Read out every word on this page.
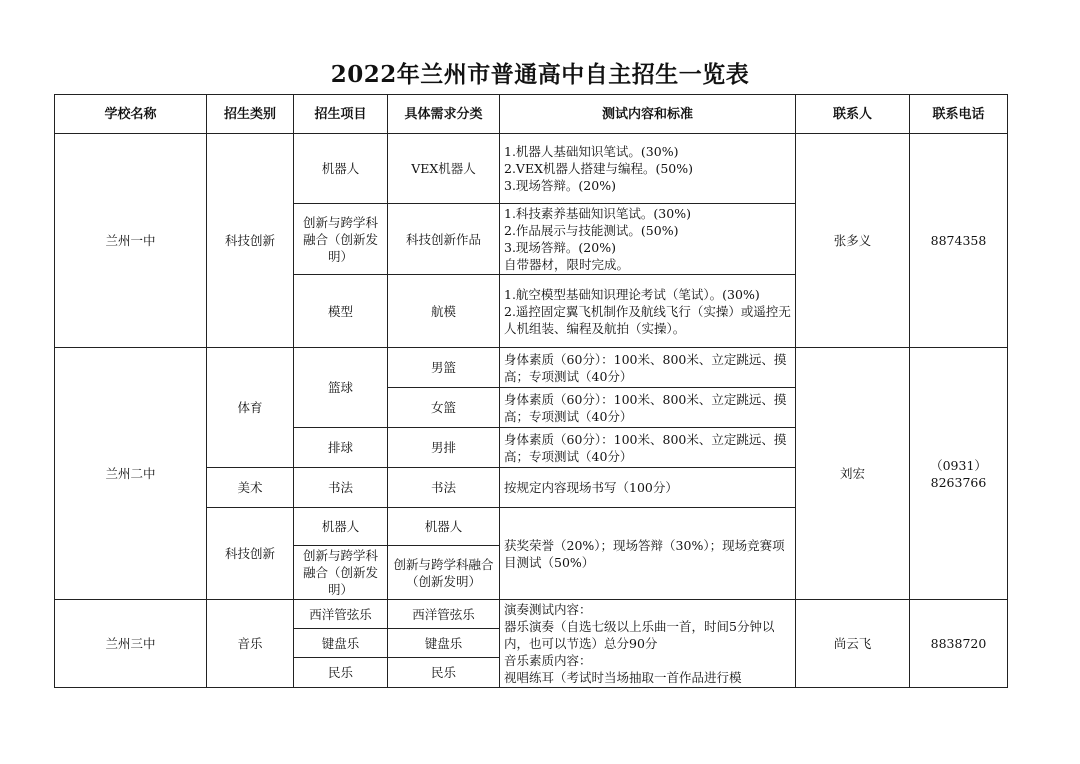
2022年兰州市普通高中自主招生一览表
学校名称	招生类别	招生项目	具体需求分类	测试内容和标准	联系人	联系电话
兰州一中	科技创新	机器人	VEX机器人	1.机器人基础知识笔试。(30%)
2.VEX机器人搭建与编程。(50%)
3.现场答辩。(20%)	张多义	8874358
		创新与跨学科融合（创新发明）	科技创新作品	1.科技素养基础知识笔试。(30%)
2.作品展示与技能测试。(50%)
3.现场答辩。(20%)
自带器材，限时完成。		

		模型	航模	1.航空模型基础知识理论考试（笔试）。(30%)
2.遥控固定翼飞机制作及航线飞行（实操）或遥控无人机组装、编程及航拍（实操）。		

兰州二中	体育	篮球	男篮	身体素质（60分）：100米、800米、立定跳远、摸高；专项测试（40分）	刘宏	（0931）
8263766

			女篮	身体素质（60分）：100米、800米、立定跳远、摸高；专项测试（40分）		
		排球	男排	身体素质（60分）：100米、800米、立定跳远、摸高；专项测试（40分）		
	美术	书法	书法	按规定内容现场书写（100分）		
	科技创新	机器人	机器人	获奖荣誉（20%）；现场答辩（30%）；现场竞赛项目测试（50%）		
		创新与跨学科融合（创新发明）	创新与跨学科融合（创新发明）			
兰州三中	音乐	西洋管弦乐	西洋管弦乐	演奏测试内容：
器乐演奏（自选七级以上乐曲一首，时间5分钟以内，也可以节选）总分90分
音乐素质内容：
视唱练耳（考试时当场抽取一首作品进行模	尚云飞	8838720
		键盘乐	键盘乐			
		民乐	民乐			
